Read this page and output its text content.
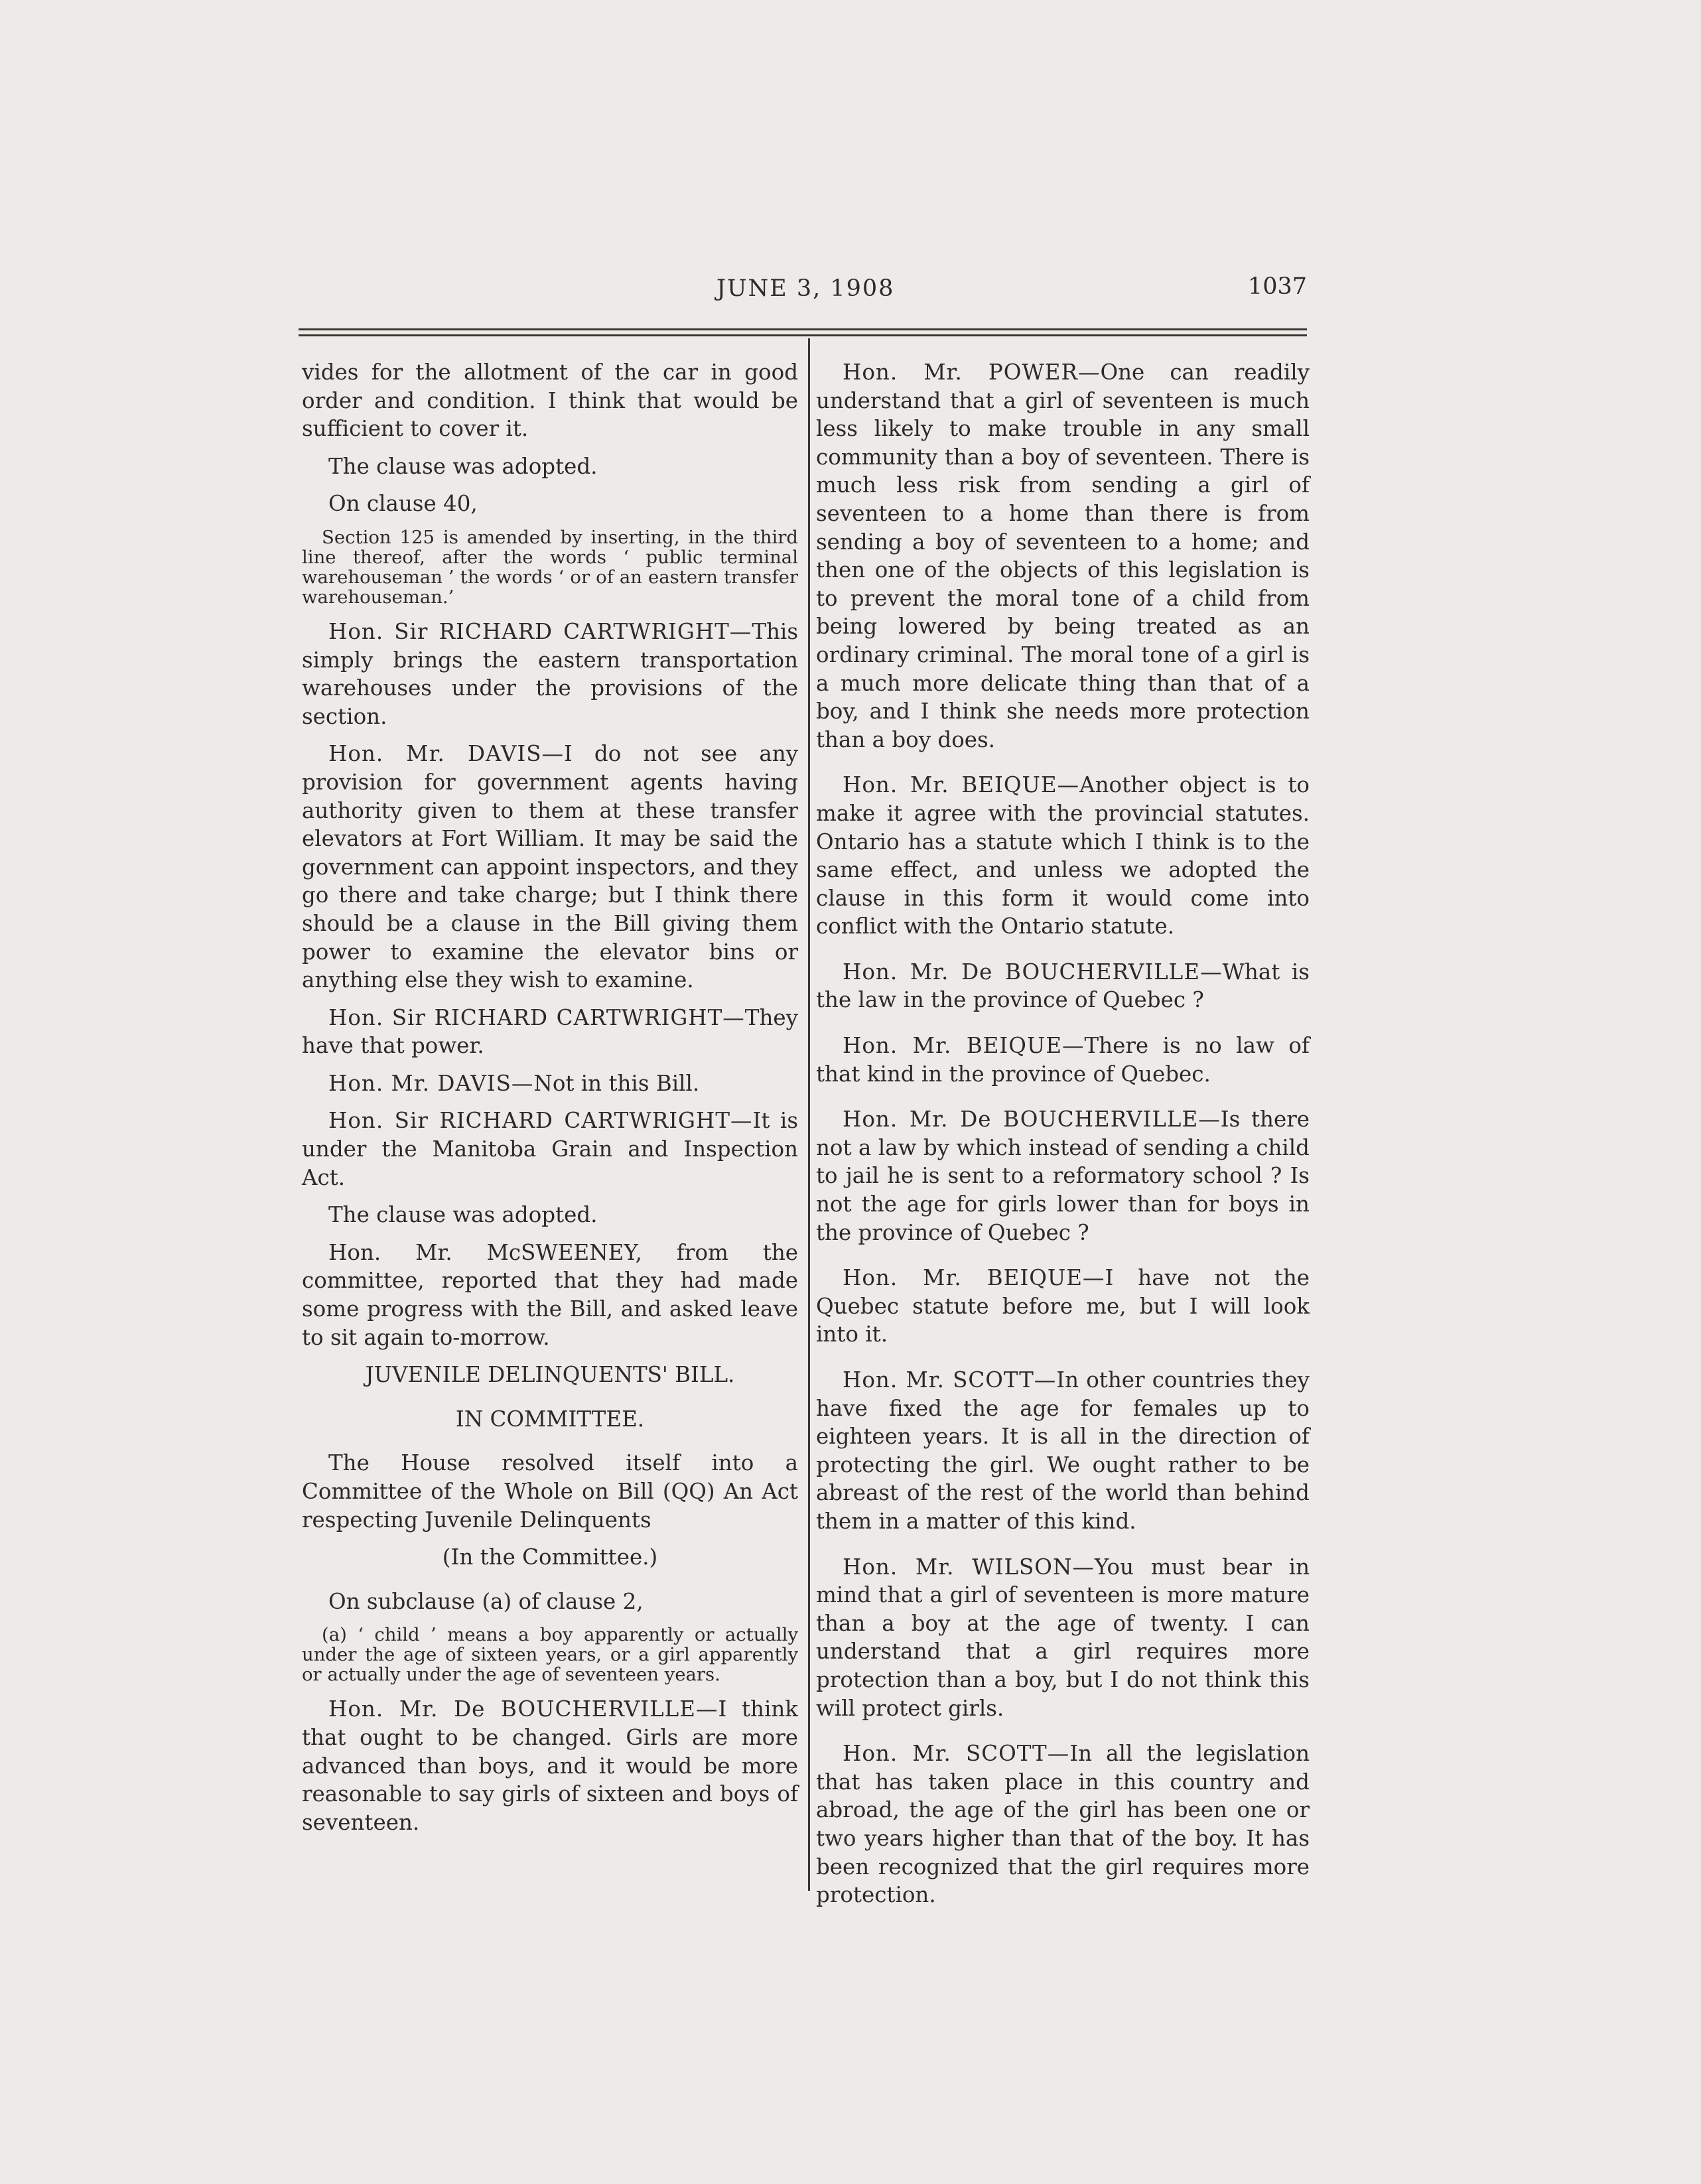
JUNE 3, 1908	1037

vides for the allotment of the car in good order and condition. I think that would be sufficient to cover it.

The clause was adopted.

On clause 40,

Section 125 is amended by inserting, in the third line thereof, after the words ‘ public terminal warehouseman ’ the words ‘ or of an eastern transfer warehouseman.’

Hon. Sir RICHARD CARTWRIGHT—This simply brings the eastern transportation warehouses under the provisions of the section.

Hon. Mr. DAVIS—I do not see any provision for government agents having authority given to them at these transfer elevators at Fort William. It may be said the government can appoint inspectors, and they go there and take charge; but I think there should be a clause in the Bill giving them power to examine the elevator bins or anything else they wish to examine.

Hon. Sir RICHARD CARTWRIGHT—They have that power.

Hon. Mr. DAVIS—Not in this Bill.

Hon. Sir RICHARD CARTWRIGHT—It is under the Manitoba Grain and Inspection Act.

The clause was adopted.

Hon. Mr. McSWEENEY, from the committee, reported that they had made some progress with the Bill, and asked leave to sit again to-morrow.

JUVENILE DELINQUENTS' BILL.

IN COMMITTEE.

The House resolved itself into a Committee of the Whole on Bill (QQ) An Act respecting Juvenile Delinquents

(In the Committee.)

On subclause (a) of clause 2,

(a) ‘ child ’ means a boy apparently or actually under the age of sixteen years, or a girl apparently or actually under the age of seventeen years.

Hon. Mr. De BOUCHERVILLE—I think that ought to be changed. Girls are more advanced than boys, and it would be more reasonable to say girls of sixteen and boys of seventeen.

Hon. Mr. POWER—One can readily understand that a girl of seventeen is much less likely to make trouble in any small community than a boy of seventeen. There is much less risk from sending a girl of seventeen to a home than there is from sending a boy of seventeen to a home; and then one of the objects of this legislation is to prevent the moral tone of a child from being lowered by being treated as an ordinary criminal. The moral tone of a girl is a much more delicate thing than that of a boy, and I think she needs more protection than a boy does.

Hon. Mr. BEIQUE—Another object is to make it agree with the provincial statutes. Ontario has a statute which I think is to the same effect, and unless we adopted the clause in this form it would come into conflict with the Ontario statute.

Hon. Mr. De BOUCHERVILLE—What is the law in the province of Quebec ?

Hon. Mr. BEIQUE—There is no law of that kind in the province of Quebec.

Hon. Mr. De BOUCHERVILLE—Is there not a law by which instead of sending a child to jail he is sent to a reformatory school ? Is not the age for girls lower than for boys in the province of Quebec ?

Hon. Mr. BEIQUE—I have not the Quebec statute before me, but I will look into it.

Hon. Mr. SCOTT—In other countries they have fixed the age for females up to eighteen years. It is all in the direction of protecting the girl. We ought rather to be abreast of the rest of the world than behind them in a matter of this kind.

Hon. Mr. WILSON—You must bear in mind that a girl of seventeen is more mature than a boy at the age of twenty. I can understand that a girl requires more protection than a boy, but I do not think this will protect girls.

Hon. Mr. SCOTT—In all the legislation that has taken place in this country and abroad, the age of the girl has been one or two years higher than that of the boy. It has been recognized that the girl requires more protection.
